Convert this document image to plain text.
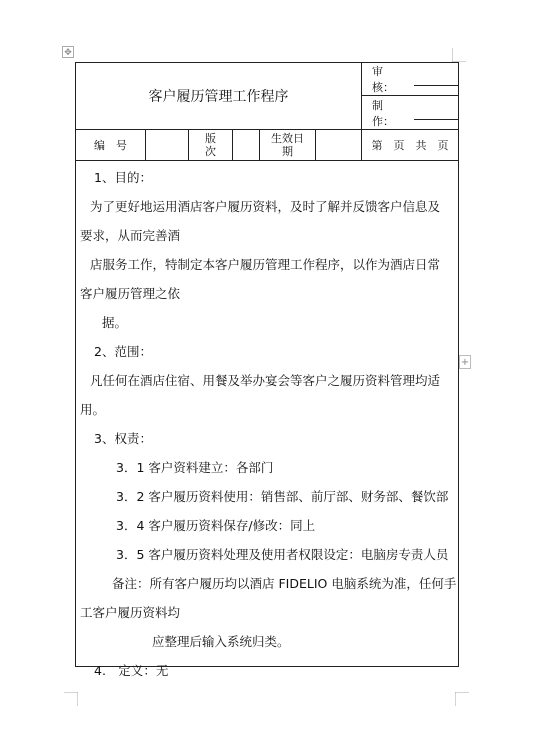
✥
客户履历管理工作程序
审 核：
制 作：
编　号	版　次
生效日　期	第　页　共　页
1、目的：
为了更好地运用酒店客户履历资料，及时了解并反馈客户信息及
要求，从而完善酒
店服务工作，特制定本客户履历管理工作程序，以作为酒店日常
客户履历管理之依
据。
2、范围：
凡任何在酒店住宿、用餐及举办宴会等客户之履历资料管理均适
用。
3、权责：
3．1 客户资料建立：各部门
3．2 客户履历资料使用：销售部、前厅部、财务部、餐饮部
3．4 客户履历资料保存/修改：同上
3．5 客户履历资料处理及使用者权限设定：电脑房专责人员
备注：所有客户履历均以酒店 FIDELIO 电脑系统为准，任何手
工客户履历资料均
应整理后输入系统归类。
4.　定义：无
+
